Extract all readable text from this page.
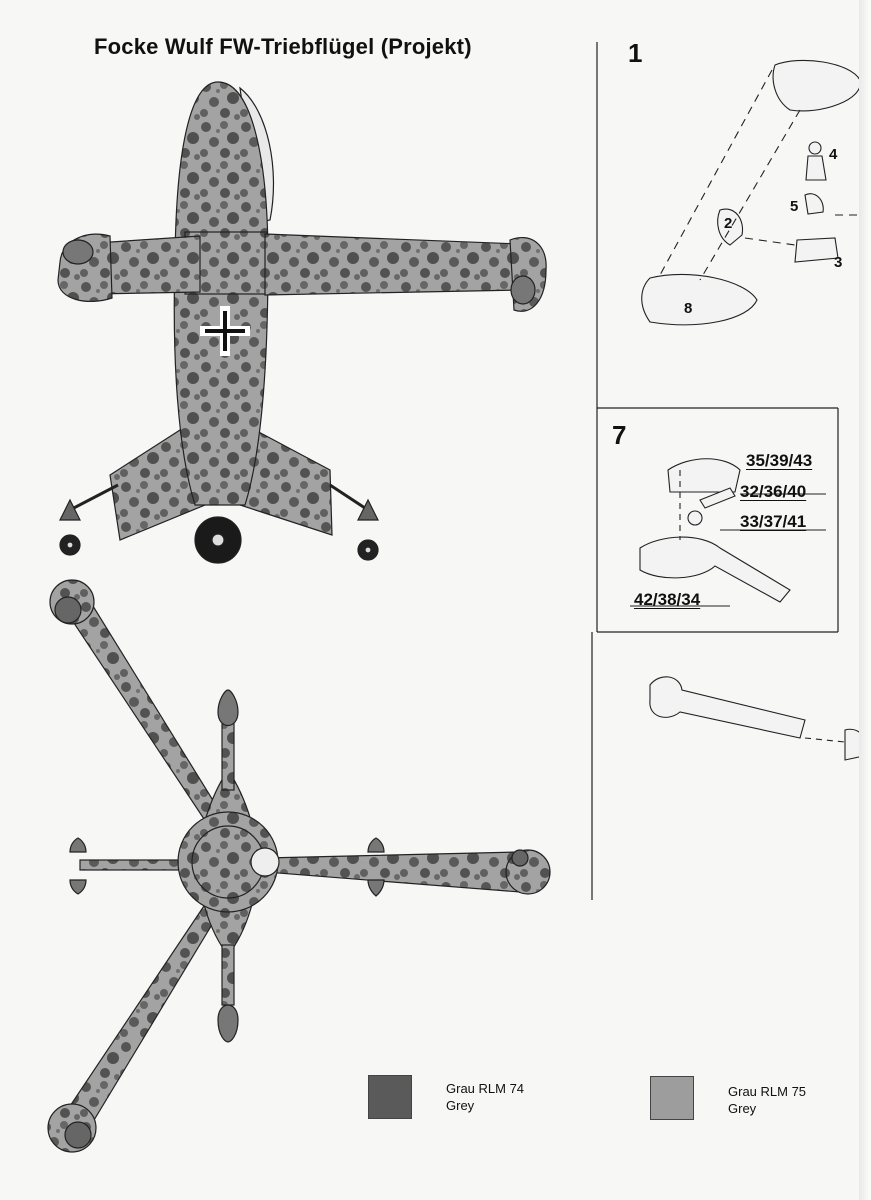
Focke Wulf FW-Triebflügel (Projekt)	1
2
3
4
5
8
7
35/39/43
32/36/40
33/37/41
42/38/34
Grau RLM 74
Grey
Grau RLM 75
Grey
